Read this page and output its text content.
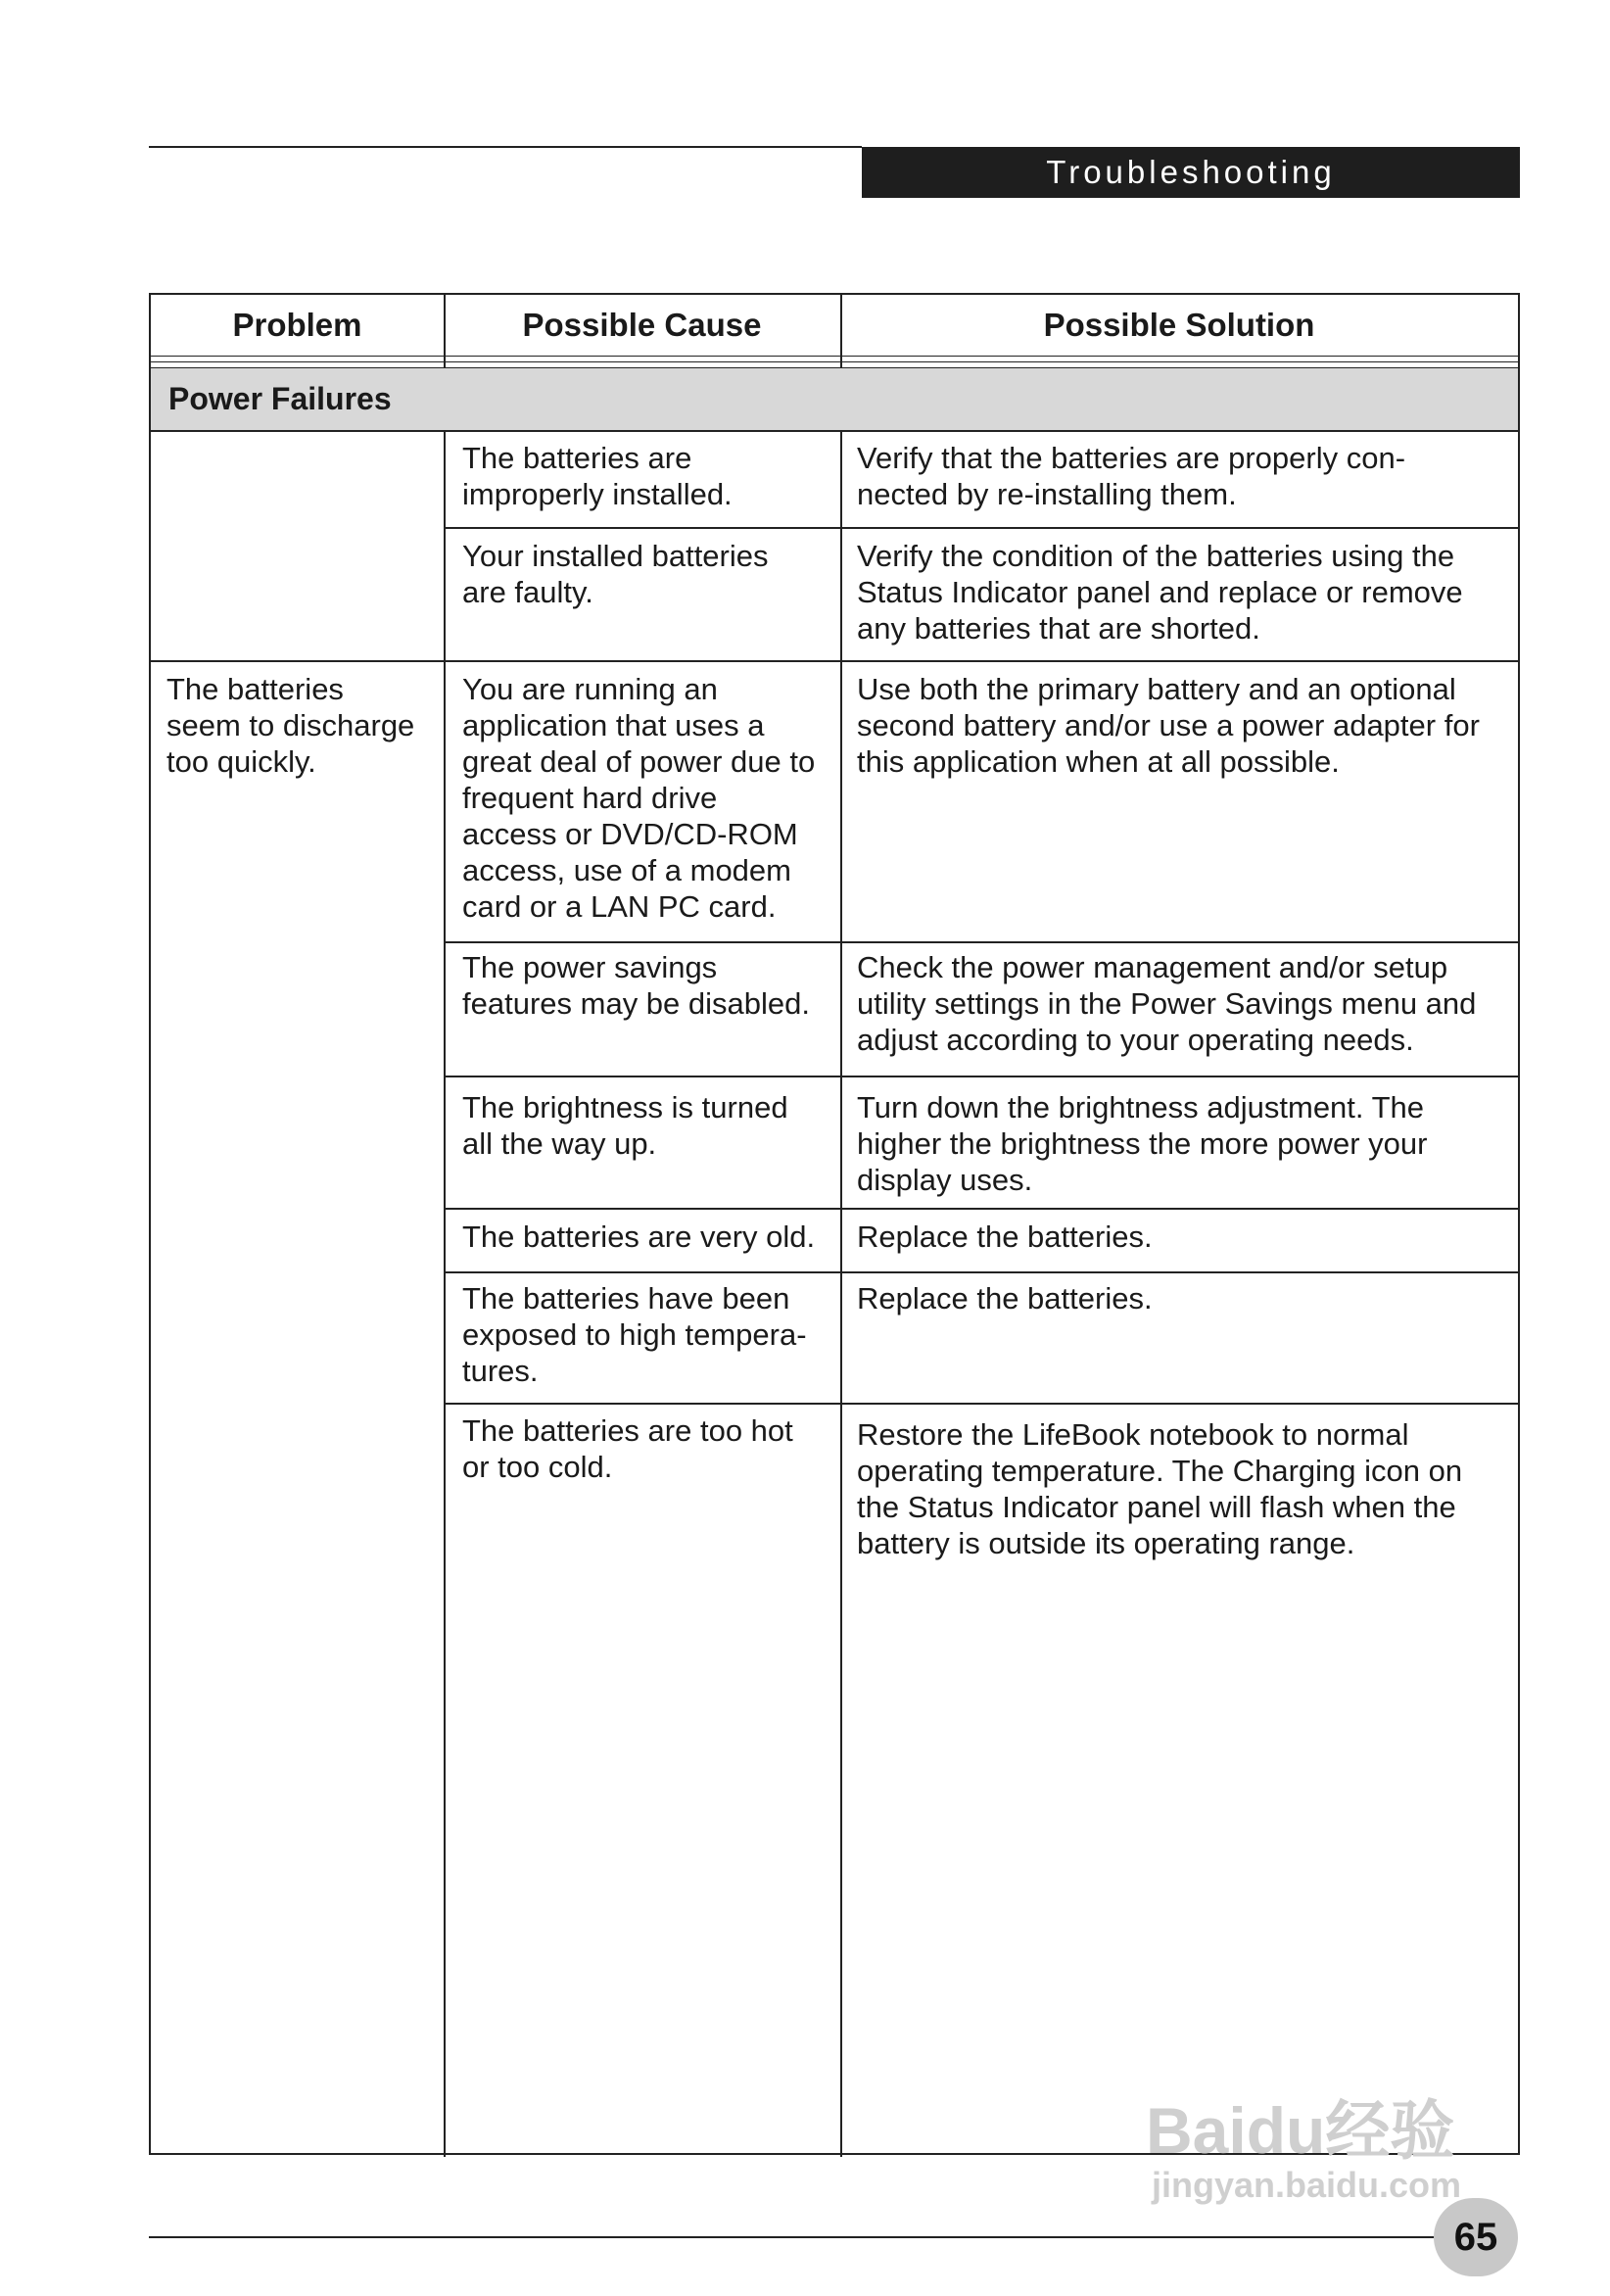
Troubleshooting
Problem	Possible Cause	Possible Solution
Power Failures
The batteries are
improperly installed.
Verify that the batteries are properly con-
nected by re-installing them.
Your installed batteries
are faulty.
Verify the condition of the batteries using the
Status Indicator panel and replace or remove
any batteries that are shorted.
The batteries
seem to discharge
too quickly.
You are running an
application that uses a
great deal of power due to
frequent hard drive
access or DVD/CD-ROM
access, use of a modem
card or a LAN PC card.
Use both the primary battery and an optional
second battery and/or use a power adapter for
this application when at all possible.
The power savings
features may be disabled.
Check the power management and/or setup
utility settings in the Power Savings menu and
adjust according to your operating needs.
The brightness is turned
all the way up.
Turn down the brightness adjustment. The
higher the brightness the more power your
display uses.
The batteries are very old. Replace the batteries.
The batteries have been
exposed to high tempera-
tures.
Replace the batteries.
The batteries are too hot
or too cold.
Restore the LifeBook notebook to normal
operating temperature. The Charging icon on
the Status Indicator panel will flash when the
battery is outside its operating range.
Baidu经验
jingyan.baidu.com
65
